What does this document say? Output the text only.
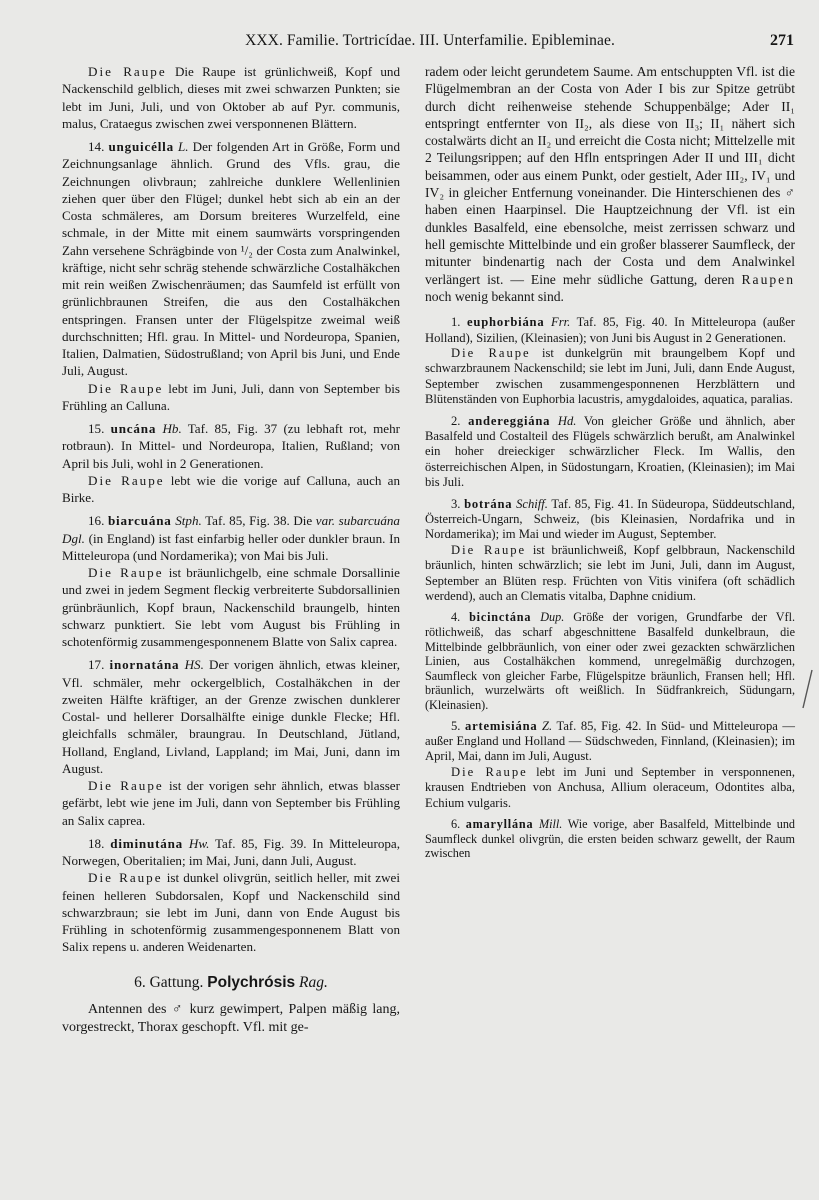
XXX. Familie. Tortricídae. III. Unterfamilie. Epibleminae.	271

Die Raupe Die Raupe ist grünlichweiß, Kopf und Nackenschild gelblich, dieses mit zwei schwarzen Punkten; sie lebt im Juni, Juli, und von Oktober ab auf Pyr. communis, malus, Crataegus zwischen zwei versponnenen Blättern.

14. unguicélla L. Der folgenden Art in Größe, Form und Zeichnungsanlage ähnlich. Grund des Vfls. grau, die Zeichnungen olivbraun; zahlreiche dunklere Wellenlinien ziehen quer über den Flügel; dunkel hebt sich ab ein an der Costa schmäleres, am Dorsum breiteres Wurzelfeld, eine schmale, in der Mitte mit einem saumwärts vorspringenden Zahn versehene Schrägbinde von ¹/₂ der Costa zum Analwinkel, kräftige, nicht sehr schräg stehende schwärzliche Costalhäkchen mit rein weißen Zwischenräumen; das Saumfeld ist erfüllt von grünlichbraunen Streifen, die aus den Costalhäkchen entspringen. Fransen unter der Flügelspitze zweimal weiß durchschnitten; Hfl. grau. In Mittel- und Nordeuropa, Spanien, Italien, Dalmatien, Südostrußland; von April bis Juni, und Ende Juli, August.

Die Raupe lebt im Juni, Juli, dann von September bis Frühling an Calluna.

15. uncána Hb. Taf. 85, Fig. 37 (zu lebhaft rot, mehr rotbraun). In Mittel- und Nordeuropa, Italien, Rußland; von April bis Juli, wohl in 2 Generationen.

Die Raupe lebt wie die vorige auf Calluna, auch an Birke.

16. biarcuána Stph. Taf. 85, Fig. 38. Die var. subarcuána Dgl. (in England) ist fast einfarbig heller oder dunkler braun. In Mitteleuropa (und Nordamerika); von Mai bis Juli.

Die Raupe ist bräunlichgelb, eine schmale Dorsallinie und zwei in jedem Segment fleckig verbreiterte Subdorsallinien grünbräunlich, Kopf braun, Nackenschild braungelb, hinten schwarz punktiert. Sie lebt vom August bis Frühling in schotenförmig zusammengesponnenem Blatte von Salix caprea.

17. inornatána HS. Der vorigen ähnlich, etwas kleiner, Vfl. schmäler, mehr ockergelblich, Costalhäkchen in der zweiten Hälfte kräftiger, an der Grenze zwischen dunklerer Costal- und hellerer Dorsalhälfte einige dunkle Flecke; Hfl. gleichfalls schmäler, braungrau. In Deutschland, Jütland, Holland, England, Livland, Lappland; im Mai, Juni, dann im August.

Die Raupe ist der vorigen sehr ähnlich, etwas blasser gefärbt, lebt wie jene im Juli, dann von September bis Frühling an Salix caprea.

18. diminutána Hw. Taf. 85, Fig. 39. In Mitteleuropa, Norwegen, Oberitalien; im Mai, Juni, dann Juli, August.

Die Raupe ist dunkel olivgrün, seitlich heller, mit zwei feinen helleren Subdorsalen, Kopf und Nackenschild sind schwarzbraun; sie lebt im Juni, dann von Ende August bis Frühling in schotenförmig zusammengesponnenem Blatt von Salix repens u. anderen Weidenarten.

6. Gattung. Polychrósis Rag.

Antennen des ♂ kurz gewimpert, Palpen mäßig lang, vorgestreckt, Thorax geschopft. Vfl. mit ge-

radem oder leicht gerundetem Saume. Am entschuppten Vfl. ist die Flügelmembran an der Costa von Ader I bis zur Spitze getrübt durch dicht reihenweise stehende Schuppenbälge; Ader II₁ entspringt entfernter von II₂, als diese von II₃; II₁ nähert sich costalwärts dicht an II₂ und erreicht die Costa nicht; Mittelzelle mit 2 Teilungsrippen; auf den Hfln entspringen Ader II und III₁ dicht beisammen, oder aus einem Punkt, oder gestielt, Ader III₂, IV₁ und IV₂ in gleicher Entfernung voneinander. Die Hinterschienen des ♂ haben einen Haarpinsel. Die Hauptzeichnung der Vfl. ist ein dunkles Basalfeld, eine ebensolche, meist zerrissen schwarz und hell gemischte Mittelbinde und ein großer blasserer Saumfleck, der mitunter bindenartig nach der Costa und dem Analwinkel verlängert ist. — Eine mehr südliche Gattung, deren Raupen noch wenig bekannt sind.

1. euphorbiána Frr. Taf. 85, Fig. 40. In Mitteleuropa (außer Holland), Sizilien, (Kleinasien); von Juni bis August in 2 Generationen.

Die Raupe ist dunkelgrün mit braungelbem Kopf und schwarzbraunem Nackenschild; sie lebt im Juni, Juli, dann Ende August, September zwischen zusammengesponnenen Herzblättern und Blütenständen von Euphorbia lacustris, amygdaloides, aquatica, paralias.

2. andereggiána Hd. Von gleicher Größe und ähnlich, aber Basalfeld und Costalteil des Flügels schwärzlich berußt, am Analwinkel ein hoher dreieckiger schwärzlicher Fleck. Im Wallis, den österreichischen Alpen, in Südostungarn, Kroatien, (Kleinasien); im Mai bis Juli.

3. botrána Schiff. Taf. 85, Fig. 41. In Südeuropa, Süddeutschland, Österreich-Ungarn, Schweiz, (bis Kleinasien, Nordafrika und in Nordamerika); im Mai und wieder im August, September.

Die Raupe ist bräunlichweiß, Kopf gelbbraun, Nackenschild bräunlich, hinten schwärzlich; sie lebt im Juni, Juli, dann im August, September an Blüten resp. Früchten von Vitis vinifera (oft schädlich werdend), auch an Clematis vitalba, Daphne cnidium.

4. bicinctána Dup. Größe der vorigen, Grundfarbe der Vfl. rötlichweiß, das scharf abgeschnittene Basalfeld dunkelbraun, die Mittelbinde gelbbräunlich, von einer oder zwei gezackten schwärzlichen Linien, aus Costalhäkchen kommend, unregelmäßig durchzogen, Saumfleck von gleicher Farbe, Flügelspitze bräunlich, Fransen hell; Hfl. bräunlich, wurzelwärts oft weißlich. In Südfrankreich, Südungarn, (Kleinasien).

5. artemisiána Z. Taf. 85, Fig. 42. In Süd- und Mitteleuropa — außer England und Holland — Südschweden, Finnland, (Kleinasien); im April, Mai, dann im Juli, August.

Die Raupe lebt im Juni und September in versponnenen, krausen Endtrieben von Anchusa, Allium oleraceum, Odontites alba, Echium vulgaris.

6. amaryllána Mill. Wie vorige, aber Basalfeld, Mittelbinde und Saumfleck dunkel olivgrün, die ersten beiden schwarz gewellt, der Raum zwischen
